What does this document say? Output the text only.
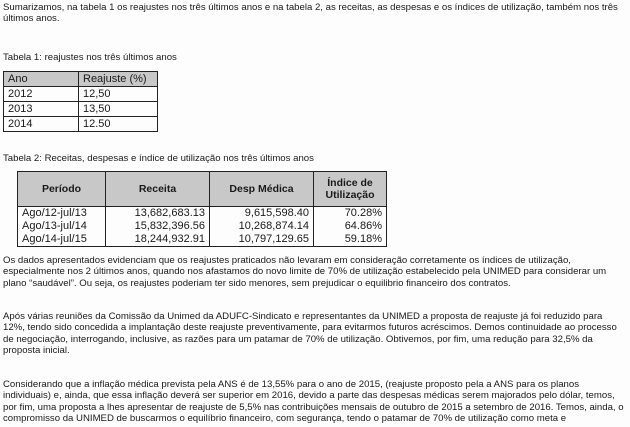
Sumarizamos, na tabela 1 os reajustes nos três últimos anos e na tabela 2, as receitas, as despesas e os índices de utilização, também nos três últimos anos.

Tabela 1: reajustes nos três últimos anos
Ano	Reajuste (%)
2012	12,50
2013	13,50
2014	12.50
Tabela 2: Receitas, despesas e índice de utilização nos três últimos anos
Período	Receita	Desp Médica	Índice de Utilização
Ago/12-jul/13	13,682,683.13	9,615,598.40	70.28%
Ago/13-jul/14	15,832,396.56	10,268,874.14	64.86%
Ago/14-jul/15	18,244,932.91	10,797,129.65	59.18%

Os dados apresentados evidenciam que os reajustes praticados não levaram em consideração corretamente os índices de utilização, especialmente nos 2 últimos anos, quando nos afastamos do novo limite de 70% de utilização estabelecido pela UNIMED para considerar um plano “saudável”. Ou seja, os reajustes poderiam ter sido menores, sem prejudicar o equilibrio financeiro dos contratos.

Após várias reuniões da Comissão da Unimed da ADUFC-Sindicato e representantes da UNIMED a proposta de reajuste já foi reduzido para 12%, tendo sido concedida a implantação deste reajuste preventivamente, para evitarmos futuros acréscimos. Demos continuidade ao processo de negociação, interrogando, inclusive, as razões para um patamar de 70% de utilização. Obtivemos, por fim, uma redução para 32,5% da proposta inicial.

Considerando que a inflação médica prevista pela ANS é de 13,55% para o ano de 2015, (reajuste proposto pela a ANS para os planos individuais) e, ainda, que essa inflação deverá ser superior em 2016, devido a parte das despesas médicas serem majorados pelo dólar, temos, por fim, uma proposta a lhes apresentar de reajuste de 5,5% nas contribuições mensais de outubro de 2015 a setembro de 2016. Temos, ainda, o compromisso da UNIMED de buscarmos o equilíbrio financeiro, com segurança, tendo o patamar de 70% de utilização como meta e
